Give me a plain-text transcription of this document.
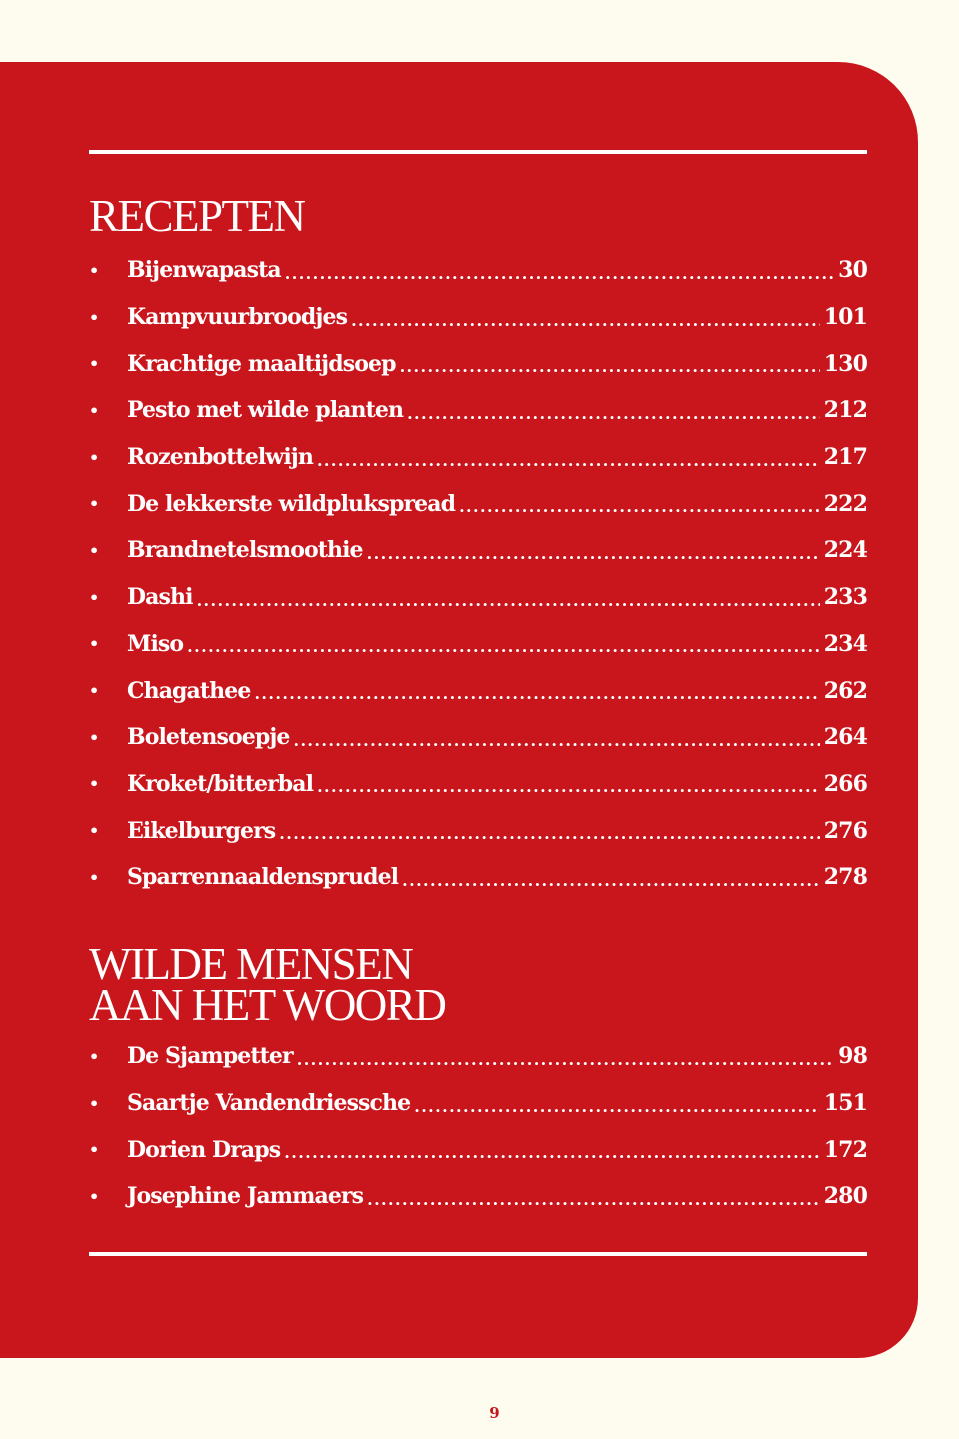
RECEPTEN
•	Bijenwapasta .....	30
•	Kampvuurbroodjes .....	101
•	Krachtige maaltijdsoep .....	130
•	Pesto met wilde planten .....	212
•	Rozenbottelwijn .....	217
•	De lekkerste wildplukspread .....	222
•	Brandnetelsmoothie .....	224
•	Dashi .....	233
•	Miso .....	234
•	Chagathee .....	262
•	Boletensoepje .....	264
•	Kroket/bitterbal .....	266
•	Eikelburgers .....	276
•	Sparrennaaldensprudel .....	278
WILDE MENSEN
AAN HET WOORD
•	De Sjampetter .....	98
•	Saartje Vandendriessche .....	151
•	Dorien Draps .....	172
•	Josephine Jammaers .....	280
9
